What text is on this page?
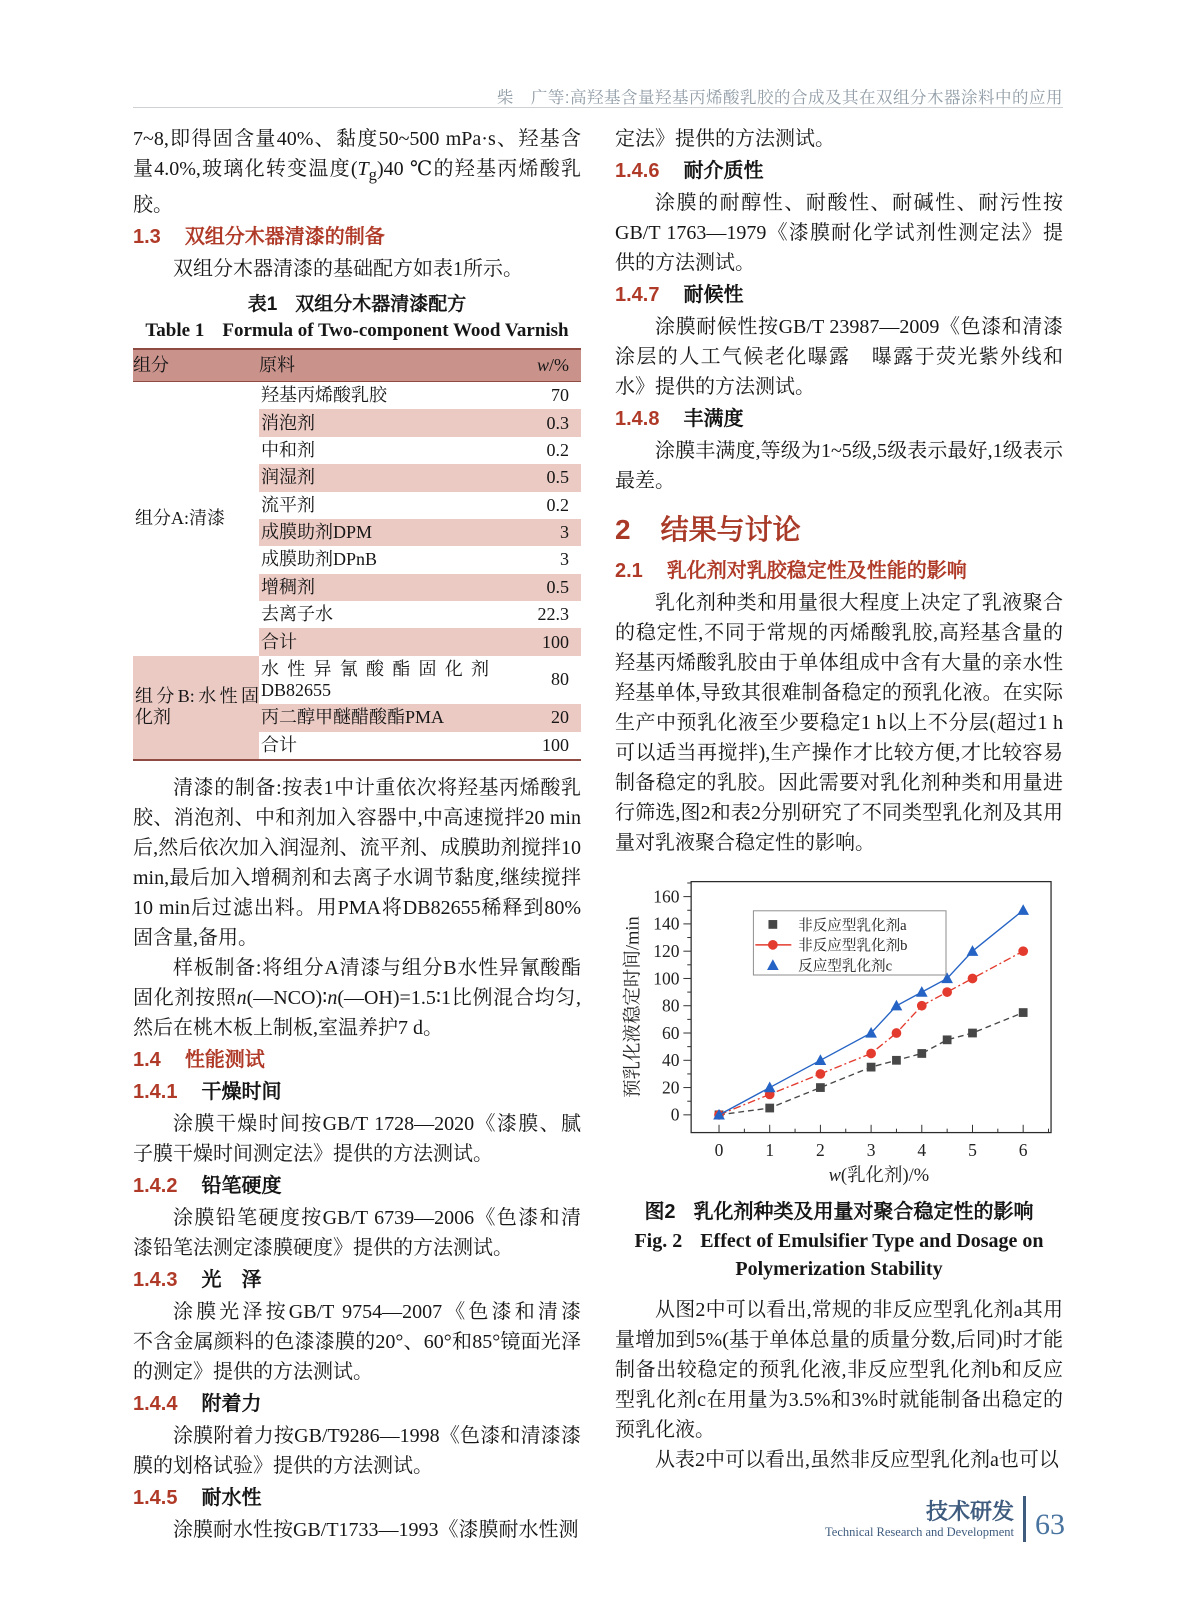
柴　广等:高羟基含量羟基丙烯酸乳胶的合成及其在双组分木器涂料中的应用

7~8,即得固含量40%、黏度50~500 mPa·s、羟基含量4.0%,玻璃化转变温度$(T_g)40$ ℃的羟基丙烯酸乳胶。

1.3 双组分木器清漆的制备

双组分木器清漆的基础配方如表1所示。

表1 双组分木器清漆配方

Table 1 Formula of Two-component Wood Varnish

组分	原料	w/%
组分A:清漆	羟基丙烯酸乳胶	70
	消泡剂	0.3
	中和剂	0.2
	润湿剂	0.5
	流平剂	0.2
	成膜助剂DPM	3
	成膜助剂DPnB	3
	增稠剂	0.5
	去离子水	22.3
	合计	100
组分B:水性固化剂	水性异氰酸酯固化剂DB82655	80
	丙二醇甲醚醋酸酯PMA	20
	合计	100

清漆的制备:按表1中计重依次将羟基丙烯酸乳胶、消泡剂、中和剂加入容器中,中高速搅拌20 min后,然后依次加入润湿剂、流平剂、成膜助剂搅拌10 min,最后加入增稠剂和去离子水调节黏度,继续搅拌10 min后过滤出料。用PMA将DB82655稀释到80%固含量,备用。

样板制备:将组分A清漆与组分B水性异氰酸酯固化剂按照n(—NCO)∶n(—OH)=1.5∶1比例混合均匀,然后在桃木板上制板,室温养护7 d。

1.4 性能测试
1.4.1 干燥时间

涂膜干燥时间按GB/T 1728—2020《漆膜、腻子膜干燥时间测定法》提供的方法测试。

1.4.2 铅笔硬度

涂膜铅笔硬度按GB/T 6739—2006《色漆和清漆铅笔法测定漆膜硬度》提供的方法测试。

1.4.3 光　泽

涂膜光泽按GB/T 9754—2007《色漆和清漆　不含金属颜料的色漆漆膜的20°、60°和85°镜面光泽的测定》提供的方法测试。

1.4.4 附着力

涂膜附着力按GB/T9286—1998《色漆和清漆漆膜的划格试验》提供的方法测试。

1.4.5 耐水性

涂膜耐水性按GB/T1733—1993《漆膜耐水性测

定法》提供的方法测试。

1.4.6 耐介质性

涂膜的耐醇性、耐酸性、耐碱性、耐污性按GB/T 1763—1979《漆膜耐化学试剂性测定法》提供的方法测试。

1.4.7 耐候性

涂膜耐候性按GB/T 23987—2009《色漆和清漆涂层的人工气候老化曝露　曝露于荧光紫外线和水》提供的方法测试。

1.4.8 丰满度

涂膜丰满度,等级为1~5级,5级表示最好,1级表示最差。

2 结果与讨论
2.1 乳化剂对乳胶稳定性及性能的影响

乳化剂种类和用量很大程度上决定了乳液聚合的稳定性,不同于常规的丙烯酸乳胶,高羟基含量的羟基丙烯酸乳胶由于单体组成中含有大量的亲水性羟基单体,导致其很难制备稳定的预乳化液。在实际生产中预乳化液至少要稳定1 h以上不分层(超过1 h可以适当再搅拌),生产操作才比较方便,才比较容易制备稳定的乳胶。因此需要对乳化剂种类和用量进行筛选,图2和表2分别研究了不同类型乳化剂及其用量对乳液聚合稳定性的影响。

0
20
40
60
80
100
120
140
160
0 1 2 3 4 5 6
非反应型乳化剂a
非反应型乳化剂b
反应型乳化剂c
w(乳化剂)/%
预乳化液稳定时间/min

图2 乳化剂种类及用量对聚合稳定性的影响

Fig. 2 Effect of Emulsifier Type and Dosage on Polymerization Stability

从图2中可以看出,常规的非反应型乳化剂a其用量增加到5%(基于单体总量的质量分数,后同)时才能制备出较稳定的预乳化液,非反应型乳化剂b和反应型乳化剂c在用量为3.5%和3%时就能制备出稳定的预乳化液。

从表2中可以看出,虽然非反应型乳化剂a也可以

技术研发
Technical Research and Development 63
